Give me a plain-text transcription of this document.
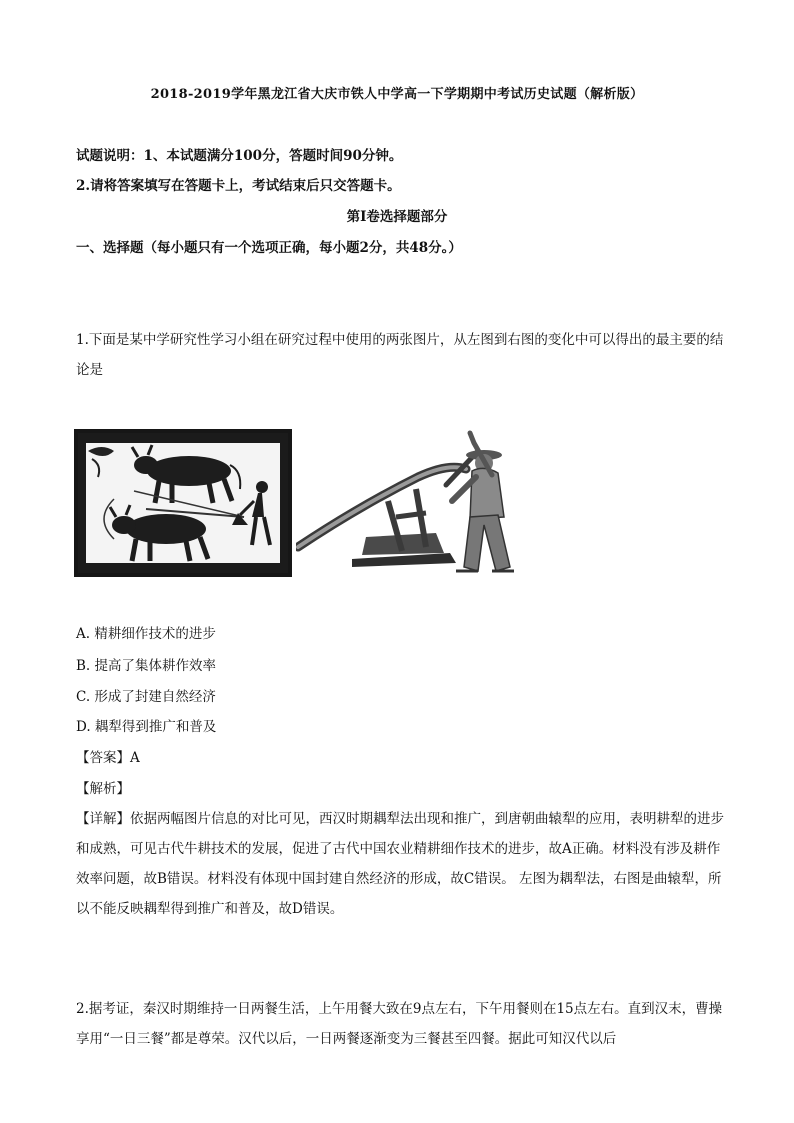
2018-2019学年黑龙江省大庆市铁人中学高一下学期期中考试历史试题（解析版）
试题说明：1、本试题满分100分，答题时间90分钟。
2.请将答案填写在答题卡上，考试结束后只交答题卡。
第Ⅰ卷选择题部分
一、选择题（每小题只有一个选项正确，每小题2分，共48分。）
1.下面是某中学研究性学习小组在研究过程中使用的两张图片，从左图到右图的变化中可以得出的最主要的结论是
A. 精耕细作技术的进步
B. 提高了集体耕作效率
C. 形成了封建自然经济
D. 耦犁得到推广和普及
【答案】A
【解析】
【详解】依据两幅图片信息的对比可见，西汉时期耦犁法出现和推广，到唐朝曲辕犁的应用，表明耕犁的进步和成熟，可见古代牛耕技术的发展，促进了古代中国农业精耕细作技术的进步，故A正确。材料没有涉及耕作效率问题，故B错误。材料没有体现中国封建自然经济的形成，故C错误。 左图为耦犁法，右图是曲辕犁，所以不能反映耦犁得到推广和普及，故D错误。
2.据考证，秦汉时期维持一日两餐生活，上午用餐大致在9点左右，下午用餐则在15点左右。直到汉末，曹操享用“一日三餐”都是尊荣。汉代以后，一日两餐逐渐变为三餐甚至四餐。据此可知汉代以后
